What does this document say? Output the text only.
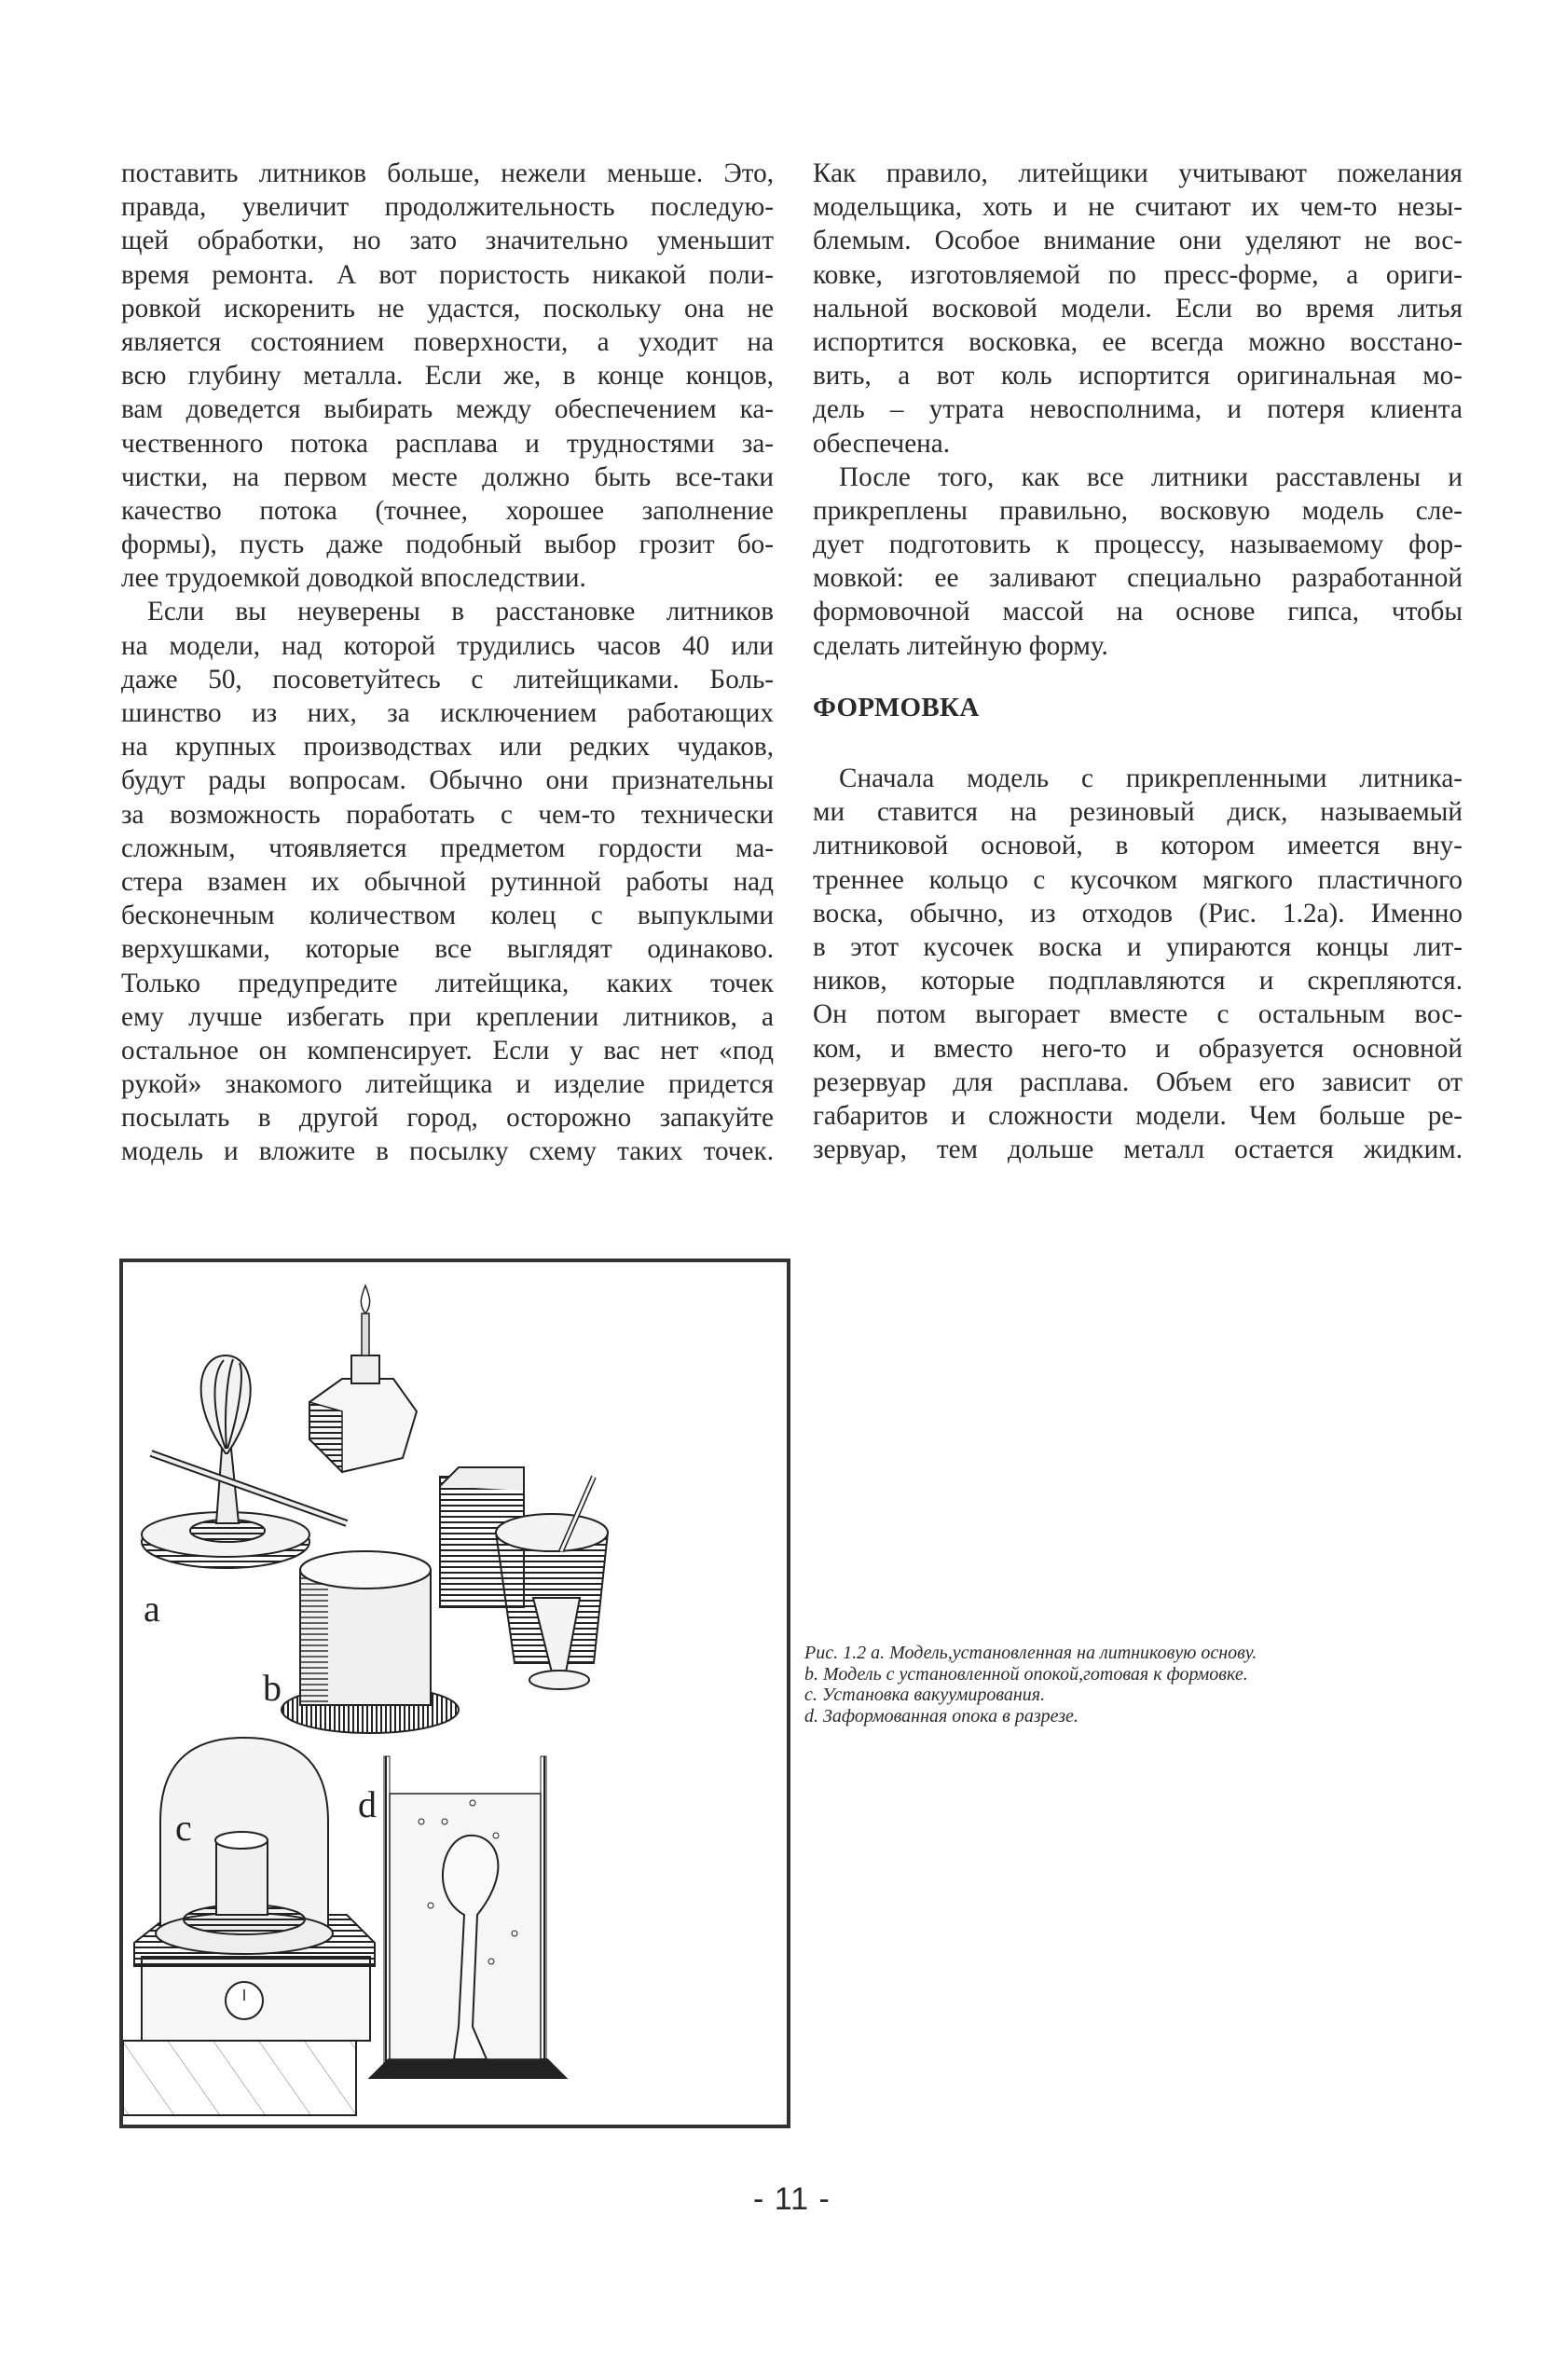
поставить литников больше, нежели меньше. Это,
правда, увеличит продолжительность последую-
щей обработки, но зато значительно уменьшит
время ремонта. А вот пористость никакой поли-
ровкой искоренить не удастся, поскольку она не
является состоянием поверхности, а уходит на
всю глубину металла. Если же, в конце концов,
вам доведется выбирать между обеспечением ка-
чественного потока расплава и трудностями за-
чистки, на первом месте должно быть все-таки
качество потока (точнее, хорошее заполнение
формы), пусть даже подобный выбор грозит бо-
лее трудоемкой доводкой впоследствии.
Если вы неуверены в расстановке литников
на модели, над которой трудились часов 40 или
даже 50, посоветуйтесь с литейщиками. Боль-
шинство из них, за исключением работающих
на крупных производствах или редких чудаков,
будут рады вопросам. Обычно они признательны
за возможность поработать с чем-то технически
сложным, чтоявляется предметом гордости ма-
стера взамен их обычной рутинной работы над
бесконечным количеством колец с выпуклыми
верхушками, которые все выглядят одинаково.
Только предупредите литейщика, каких точек
ему лучше избегать при креплении литников, а
остальное он компенсирует. Если у вас нет «под
рукой» знакомого литейщика и изделие придется
посылать в другой город, осторожно запакуйте
модель и вложите в посылку схему таких точек.
Как правило, литейщики учитывают пожелания
модельщика, хоть и не считают их чем-то незы-
блемым. Особое внимание они уделяют не вос-
ковке, изготовляемой по пресс-форме, а ориги-
нальной восковой модели. Если во время литья
испортится восковка, ее всегда можно восстано-
вить, а вот коль испортится оригинальная мо-
дель – утрата невосполнима, и потеря клиента
обеспечена.
После того, как все литники расставлены и
прикреплены правильно, восковую модель сле-
дует подготовить к процессу, называемому фор-
мовкой: ее заливают специально разработанной
формовочной массой на основе гипса, чтобы
сделать литейную форму.
ФОРМОВКА
Сначала модель с прикрепленными литника-
ми ставится на резиновый диск, называемый
литниковой основой, в котором имеется вну-
треннее кольцо с кусочком мягкого пластичного
воска, обычно, из отходов (Рис. 1.2а). Именно
в этот кусочек воска и упираются концы лит-
ников, которые подплавляются и скрепляются.
Он потом выгорает вместе с остальным вос-
ком, и вместо него-то и образуется основной
резервуар для расплава. Объем его зависит от
габаритов и сложности модели. Чем больше ре-
зервуар, тем дольше металл остается жидким.
a
b
c
d
Рис. 1.2 а. Модель,установленная на литниковую основу.
b. Модель с установленной опокой,готовая к формовке.
с. Установка вакуумирования.
d. Заформованная опока в разрезе.
- 11 -
